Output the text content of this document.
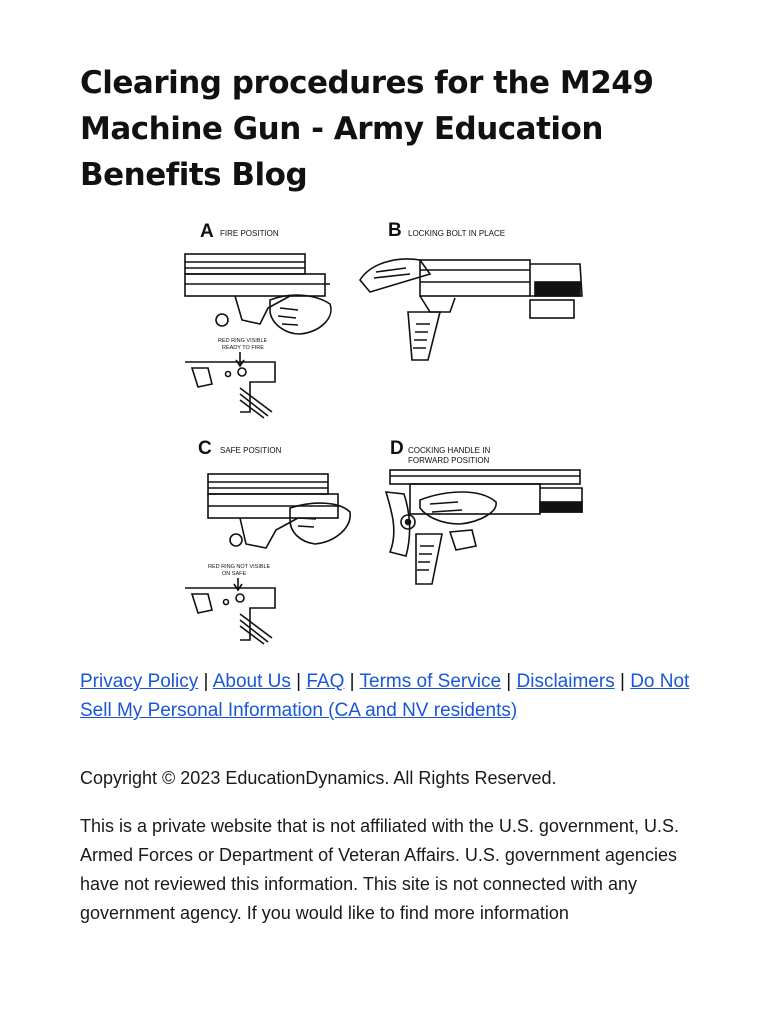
Clearing procedures for the M249 Machine Gun - Army Education Benefits Blog
A FIRE POSITION
RED RING VISIBLE
READY TO FIRE
B LOCKING BOLT IN PLACE
C SAFE POSITION
RED RING NOT VISIBLE
ON SAFE
D COCKING HANDLE IN
FORWARD POSITION
Privacy Policy | About Us | FAQ | Terms of Service | Disclaimers | Do Not Sell My Personal Information (CA and NV residents)

Copyright © 2023 EducationDynamics. All Rights Reserved.

This is a private website that is not affiliated with the U.S. government, U.S. Armed Forces or Department of Veteran Affairs. U.S. government agencies have not reviewed this information. This site is not connected with any government agency. If you would like to find more information
